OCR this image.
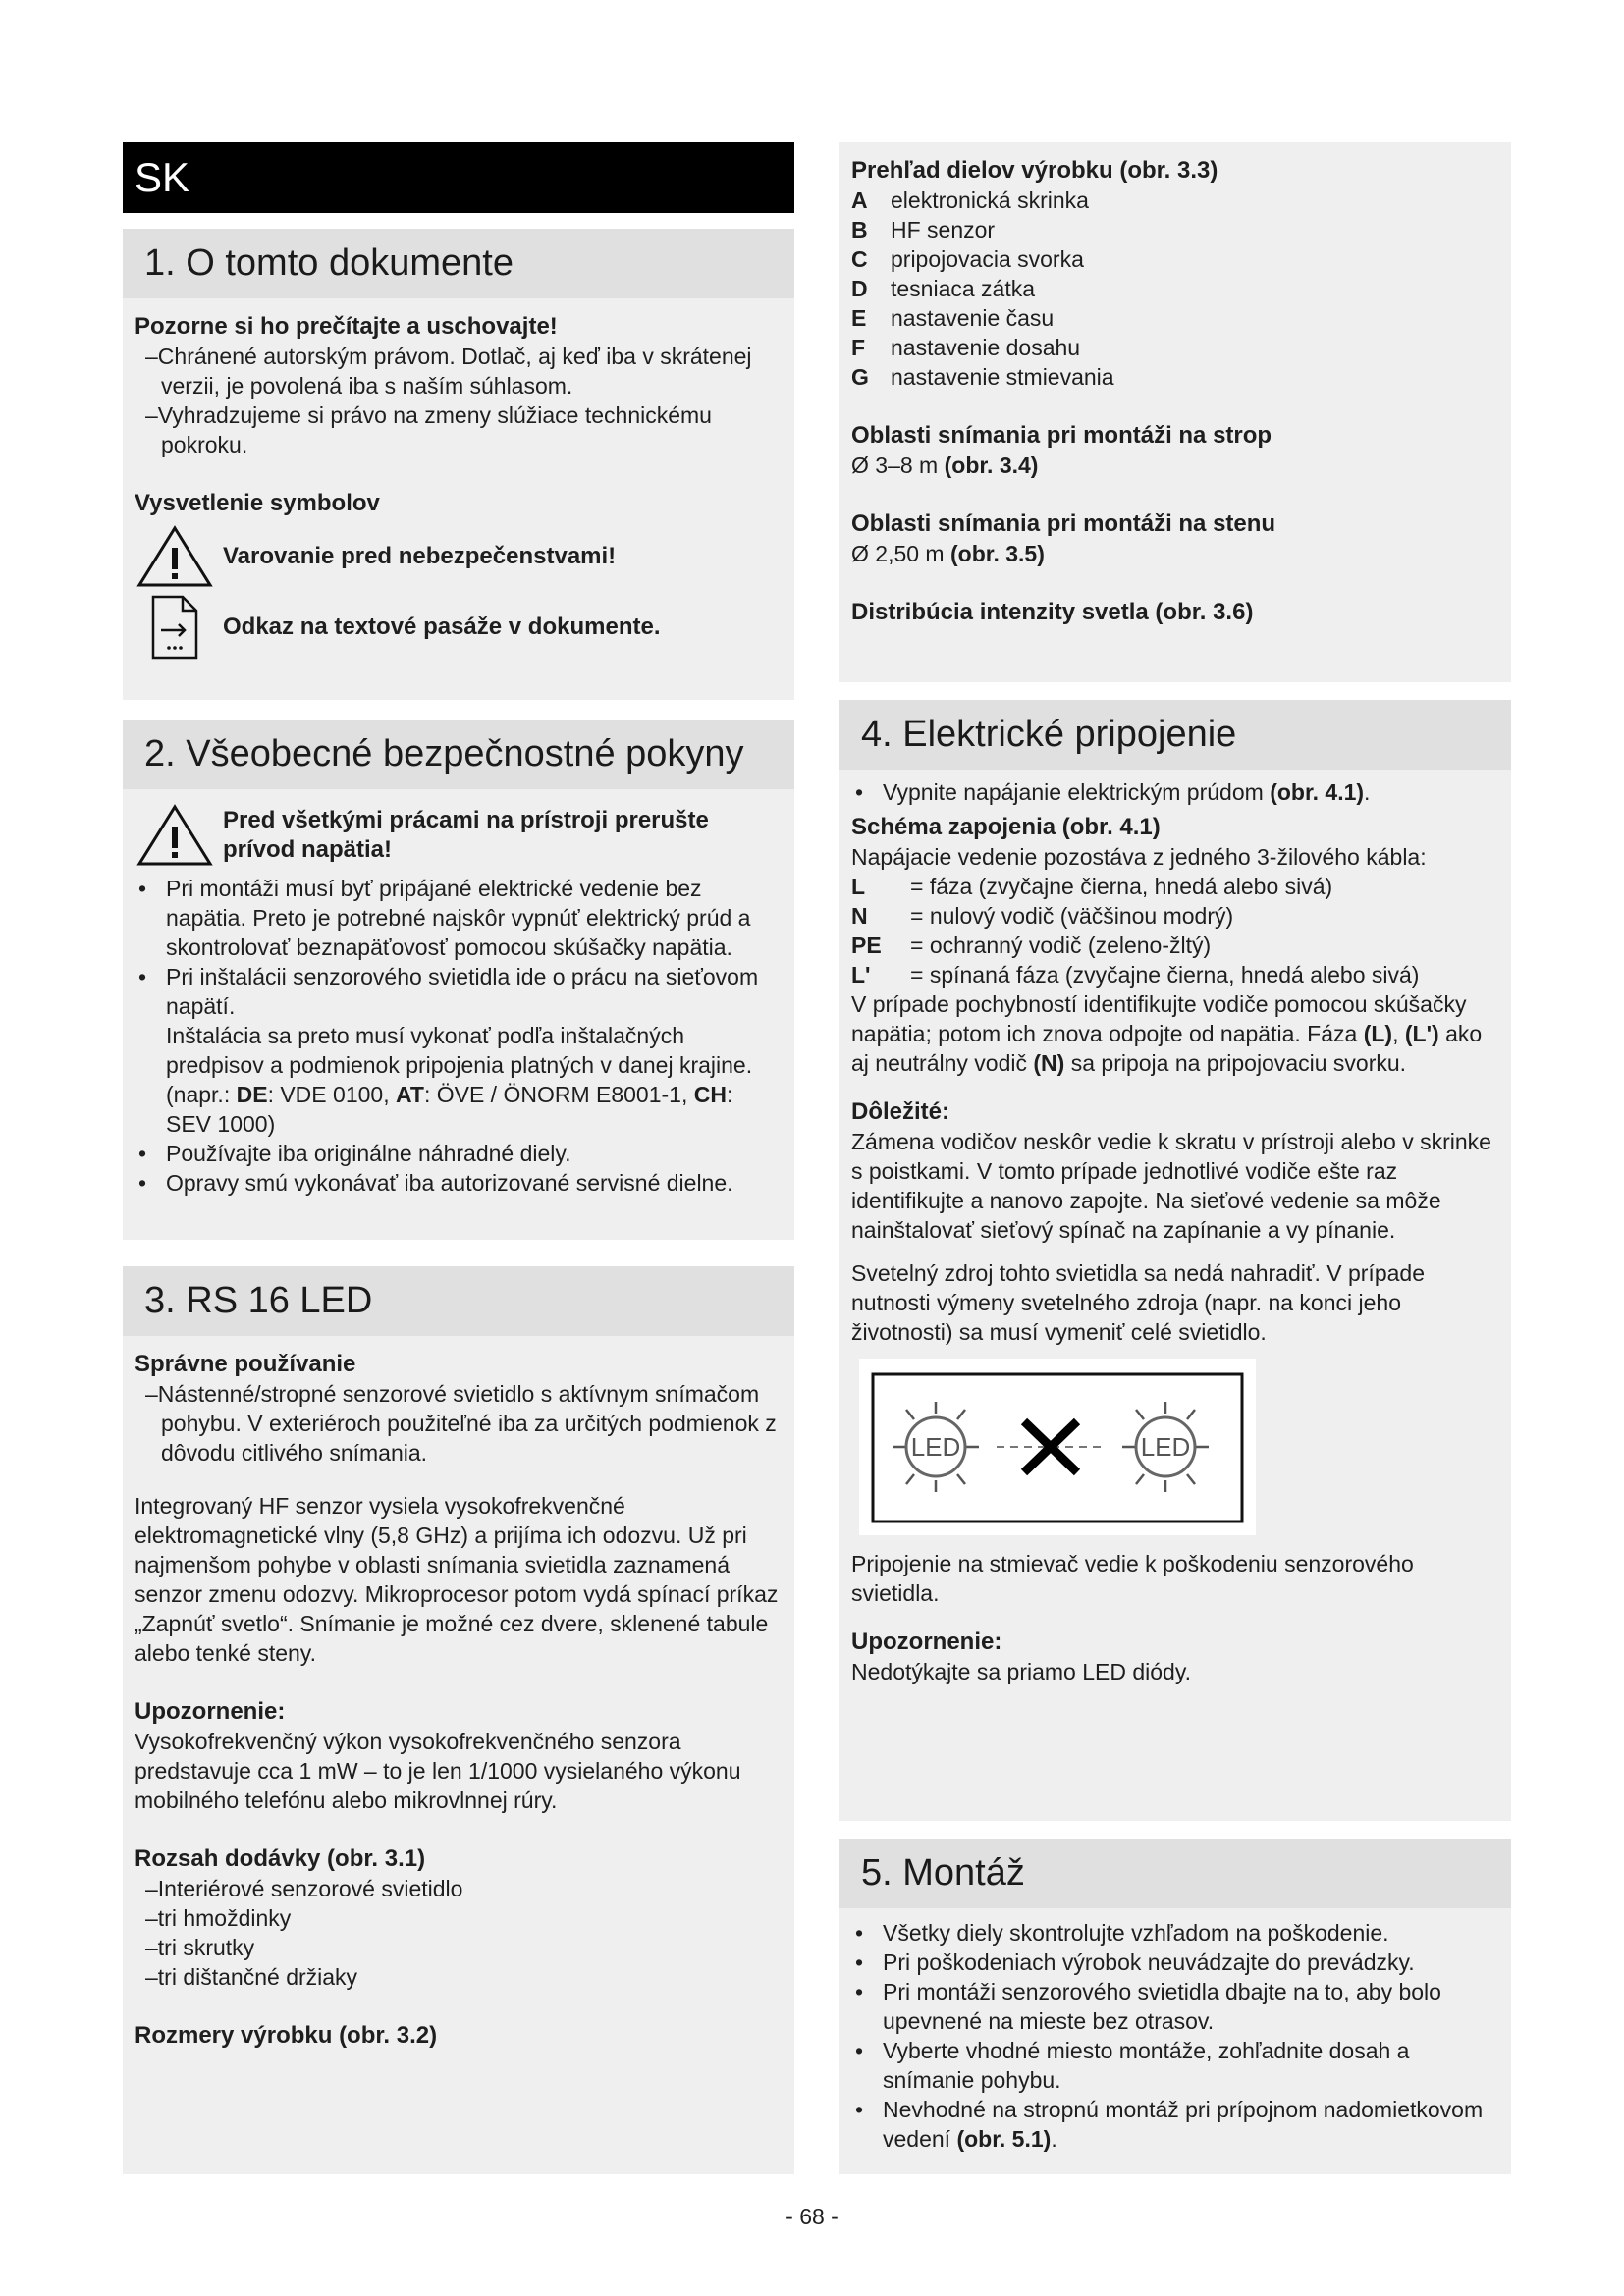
SK
1. O tomto dokumente
Pozorne si ho prečítajte a uschovajte!
–Chránené autorským právom. Dotlač, aj keď iba v skrátenej verzii, je povolená iba s naším súhlasom.
–Vyhradzujeme si právo na zmeny slúžiace technickému pokroku.
Vysvetlenie symbolov
Varovanie pred nebezpečenstvami!
Odkaz na textové pasáže v dokumente.
2. Všeobecné bezpečnostné pokyny
Pred všetkými prácami na prístroji prerušte prívod napätia!
• Pri montáži musí byť pripájané elektrické vedenie bez napätia. Preto je potrebné najskôr vypnúť elektrický prúd a skontrolovať beznapäťovosť pomocou skúšačky napätia.
• Pri inštalácii senzorového svietidla ide o prácu na sieťovom napätí.
Inštalácia sa preto musí vykonať podľa inštalačných predpisov a podmienok pripojenia platných v danej krajine. (napr.: DE: VDE 0100, AT: ÖVE / ÖNORM E8001-1, CH: SEV 1000)
• Používajte iba originálne náhradné diely.
• Opravy smú vykonávať iba autorizované servisné dielne.
3. RS 16 LED
Správne používanie
–Nástenné/stropné senzorové svietidlo s aktívnym snímačom pohybu. V exteriéroch použiteľné iba za určitých podmienok z dôvodu citlivého snímania.
Integrovaný HF senzor vysiela vysokofrekvenčné elektromagnetické vlny (5,8 GHz) a prijíma ich odozvu. Už pri najmenšom pohybe v oblasti snímania svietidla zaznamená senzor zmenu odozvy. Mikroprocesor potom vydá spínací príkaz „Zapnúť svetlo“. Snímanie je možné cez dvere, sklenené tabule alebo tenké steny.
Upozornenie:
Vysokofrekvenčný výkon vysokofrekvenčného senzora predstavuje cca 1 mW – to je len 1/1000 vysielaného výkonu mobilného telefónu alebo mikrovlnnej rúry.
Rozsah dodávky (obr. 3.1)
–Interiérové senzorové svietidlo
–tri hmoždinky
–tri skrutky
–tri dištančné držiaky
Rozmery výrobku (obr. 3.2)
Prehľad dielov výrobku (obr. 3.3)
A	elektronická skrinka
B	HF senzor
C	pripojovacia svorka
D	tesniaca zátka
E	nastavenie času
F	nastavenie dosahu
G nastavenie stmievania
Oblasti snímania pri montáži na strop
Ø 3–8 m (obr. 3.4)
Oblasti snímania pri montáži na stenu
Ø 2,50 m (obr. 3.5)
Distribúcia intenzity svetla (obr. 3.6)
4. Elektrické pripojenie
• Vypnite napájanie elektrickým prúdom (obr. 4.1).
Schéma zapojenia (obr. 4.1)
Napájacie vedenie pozostáva z jedného 3-žilového kábla:
L	= fáza (zvyčajne čierna, hnedá alebo sivá)
N	= nulový vodič (väčšinou modrý)
PE	= ochranný vodič (zeleno-žltý)
L'	= spínaná fáza (zvyčajne čierna, hnedá alebo sivá)
V prípade pochybností identifikujte vodiče pomocou skúšačky napätia; potom ich znova odpojte od napätia. Fáza (L), (L') ako aj neutrálny vodič (N) sa pripoja na pripojovaciu svorku.
Dôležité:
Zámena vodičov neskôr vedie k skratu v prístroji alebo v skrinke s poistkami. V tomto prípade jednotlivé vodiče ešte raz identifikujte a nanovo zapojte. Na sieťové vedenie sa môže nainštalovať sieťový spínač na zapínanie a vy pínanie.
Svetelný zdroj tohto svietidla sa nedá nahradiť. V prípade nutnosti výmeny svetelného zdroja (napr. na konci jeho životnosti) sa musí vymeniť celé svietidlo.
LED	LED
Pripojenie na stmievač vedie k poškodeniu senzorového svietidla.
Upozornenie:
Nedotýkajte sa priamo LED diódy.
5. Montáž
• Všetky diely skontrolujte vzhľadom na poškodenie.
• Pri poškodeniach výrobok neuvádzajte do prevádzky.
• Pri montáži senzorového svietidla dbajte na to, aby bolo upevnené na mieste bez otrasov.
• Vyberte vhodné miesto montáže, zohľadnite dosah a snímanie pohybu.
• Nevhodné na stropnú montáž pri prípojnom nadomietkovom vedení (obr. 5.1).
- 68 -
